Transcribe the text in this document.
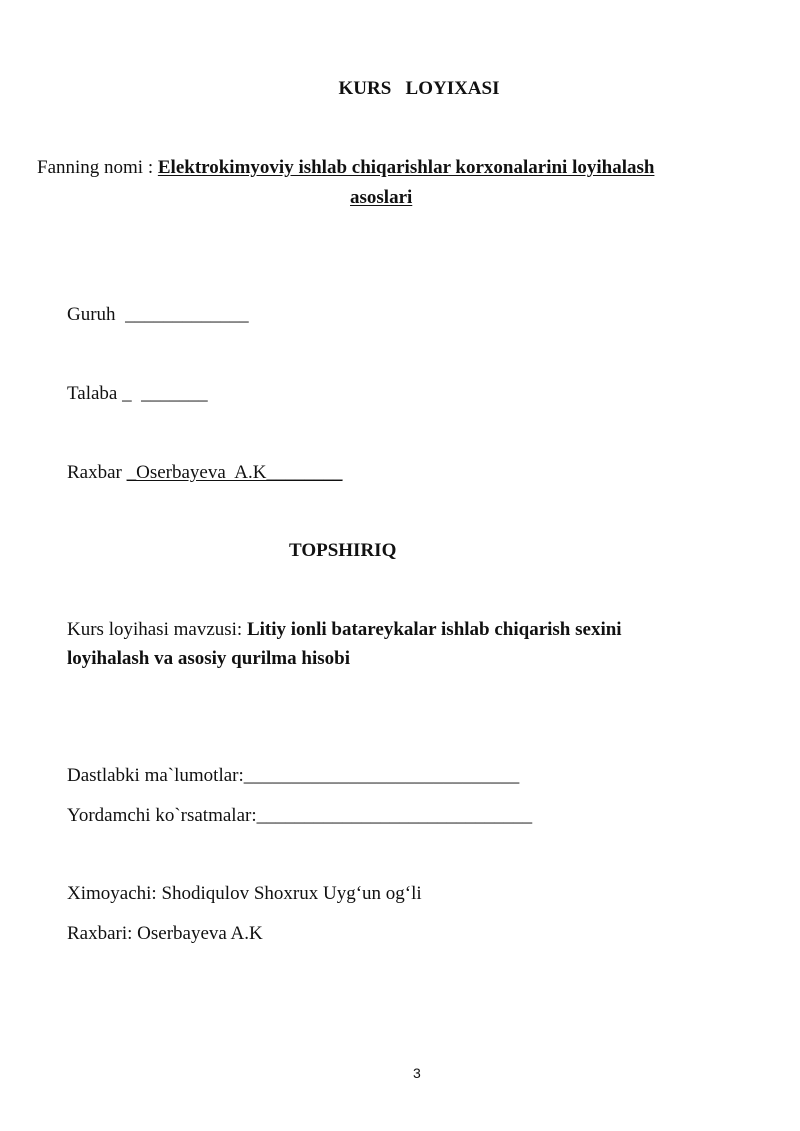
KURS   LOYIXASI
Fanning nomi : Elektrokimyoviy ishlab chiqarishlar korxonalarini loyihalash
asoslari
Guruh  _____________
Talaba _  _______
Raxbar _Oserbayeva  A.K________
TOPSHIRIQ
Kurs loyihasi mavzusi: Litiy ionli batareykalar ishlab chiqarish sexini
loyihalash va asosiy qurilma hisobi
Dastlabki ma`lumotlar:_____________________________
Yordamchi ko`rsatmalar:_____________________________
Ximoyachi: Shodiqulov Shoxrux Uyg‘un og‘li
Raxbari: Oserbayeva A.K
3
